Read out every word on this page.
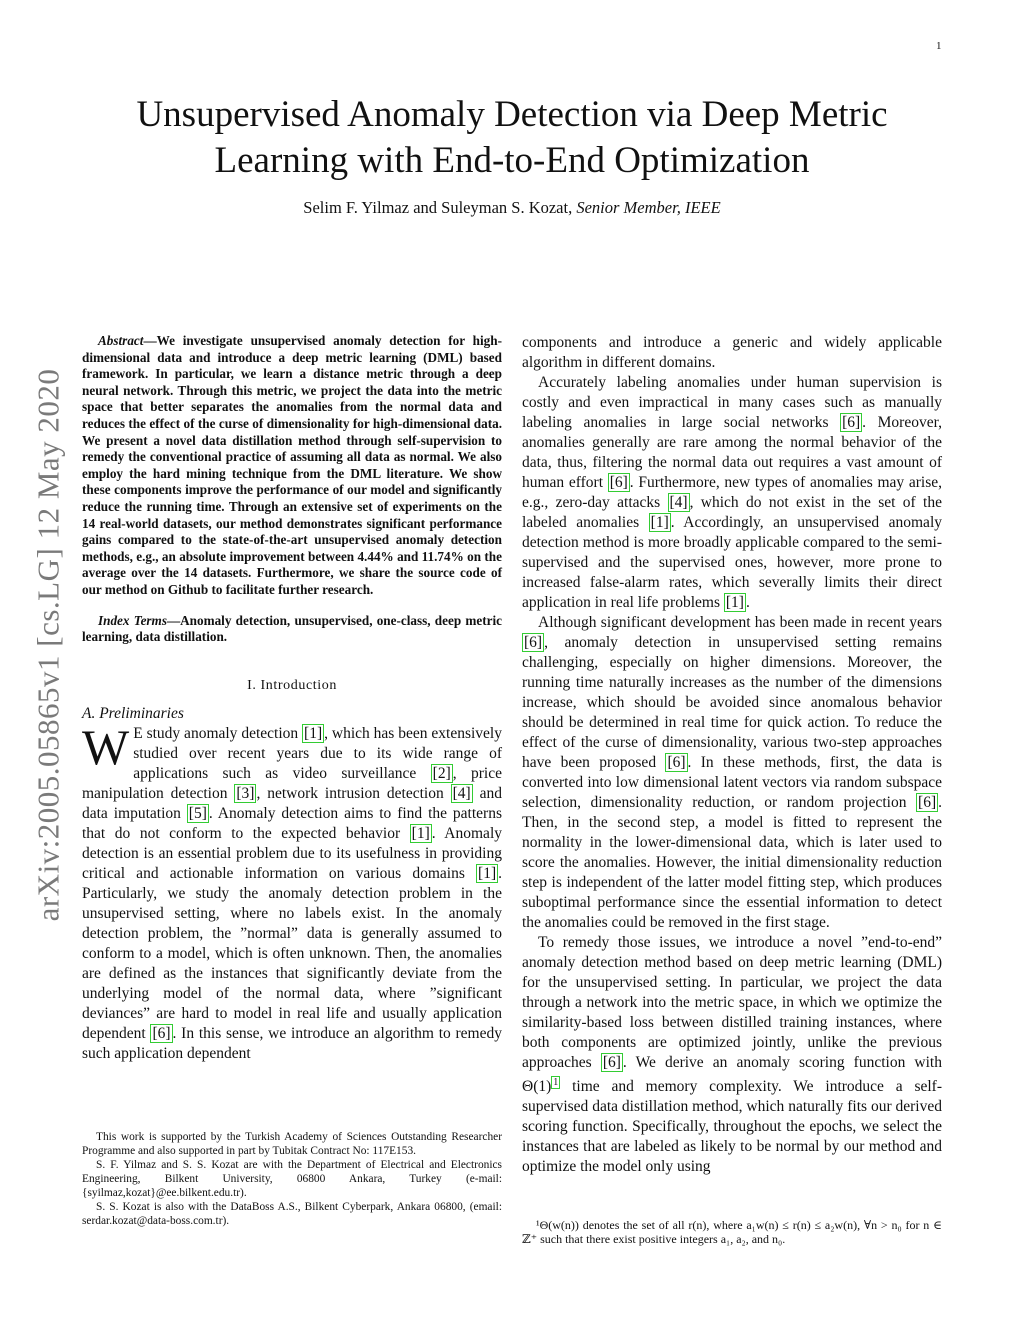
1
arXiv:2005.05865v1 [cs.LG] 12 May 2020
Unsupervised Anomaly Detection via Deep Metric Learning with End-to-End Optimization
Selim F. Yilmaz and Suleyman S. Kozat, Senior Member, IEEE

Abstract—We investigate unsupervised anomaly detection for high-dimensional data and introduce a deep metric learning (DML) based framework. In particular, we learn a distance metric through a deep neural network. Through this metric, we project the data into the metric space that better separates the anomalies from the normal data and reduces the effect of the curse of dimensionality for high-dimensional data. We present a novel data distillation method through self-supervision to remedy the conventional practice of assuming all data as normal. We also employ the hard mining technique from the DML literature. We show these components improve the performance of our model and significantly reduce the running time. Through an extensive set of experiments on the 14 real-world datasets, our method demonstrates significant performance gains compared to the state-of-the-art unsupervised anomaly detection methods, e.g., an absolute improvement between 4.44% and 11.74% on the average over the 14 datasets. Furthermore, we share the source code of our method on Github to facilitate further research.

Index Terms—Anomaly detection, unsupervised, one-class, deep metric learning, data distillation.

I. Introduction
A. Preliminaries

W E study anomaly detection [1] , which has been extensively studied over recent years due to its wide range of applications such as video surveillance [2] , price manipulation detection [3] , network intrusion detection [4] and data imputation [5] . Anomaly detection aims to find the patterns that do not conform to the expected behavior [1] . Anomaly detection is an essential problem due to its usefulness in providing critical and actionable information on various domains [1] . Particularly, we study the anomaly detection problem in the unsupervised setting, where no labels exist. In the anomaly detection problem, the ”normal” data is generally assumed to conform to a model, which is often unknown. Then, the anomalies are defined as the instances that significantly deviate from the underlying model of the normal data, where ”significant deviances” are hard to model in real life and usually application dependent [6] . In this sense, we introduce an algorithm to remedy such application dependent

components and introduce a generic and widely applicable algorithm in different domains.

Accurately labeling anomalies under human supervision is costly and even impractical in many cases such as manually labeling anomalies in large social networks [6] . Moreover, anomalies generally are rare among the normal behavior of the data, thus, filtering the normal data out requires a vast amount of human effort [6] . Furthermore, new types of anomalies may arise, e.g., zero-day attacks [4] , which do not exist in the set of the labeled anomalies [1] . Accordingly, an unsupervised anomaly detection method is more broadly applicable compared to the semi-supervised and the supervised ones, however, more prone to increased false-alarm rates, which severally limits their direct application in real life problems [1] .

Although significant development has been made in recent years [6] , anomaly detection in unsupervised setting remains challenging, especially on higher dimensions. Moreover, the running time naturally increases as the number of the dimensions increase, which should be avoided since anomalous behavior should be determined in real time for quick action. To reduce the effect of the curse of dimensionality, various two-step approaches have been proposed [6] . In these methods, first, the data is converted into low dimensional latent vectors via random subspace selection, dimensionality reduction, or random projection [6] . Then, in the second step, a model is fitted to represent the normality in the lower-dimensional data, which is later used to score the anomalies. However, the initial dimensionality reduction step is independent of the latter model fitting step, which produces suboptimal performance since the essential information to detect the anomalies could be removed in the first stage.

To remedy those issues, we introduce a novel ”end-to-end” anomaly detection method based on deep metric learning (DML) for the unsupervised setting. In particular, we project the data through a network into the metric space, in which we optimize the similarity-based loss between distilled training instances, where both components are optimized jointly, unlike the previous approaches [6] . We derive an anomaly scoring function with Θ(1) $^1$ time and memory complexity. We introduce a self-supervised data distillation method, which naturally fits our derived scoring function. Specifically, throughout the epochs, we select the instances that are labeled as likely to be normal by our method and optimize the model only using

This work is supported by the Turkish Academy of Sciences Outstanding Researcher Programme and also supported in part by Tubitak Contract No: 117E153.

S. F. Yilmaz and S. S. Kozat are with the Department of Electrical and Electronics Engineering, Bilkent University, 06800 Ankara, Turkey (e-mail: {syilmaz,kozat}@ee.bilkent.edu.tr).

S. S. Kozat is also with the DataBoss A.S., Bilkent Cyberpark, Ankara 06800, (email: serdar.kozat@data-boss.com.tr).	¹Θ(w(n)) denotes the set of all r(n), where a₁w(n) ≤ r(n) ≤ a₂w(n), ∀n > n₀ for n ∈ ℤ⁺ such that there exist positive integers a₁, a₂, and n₀.
